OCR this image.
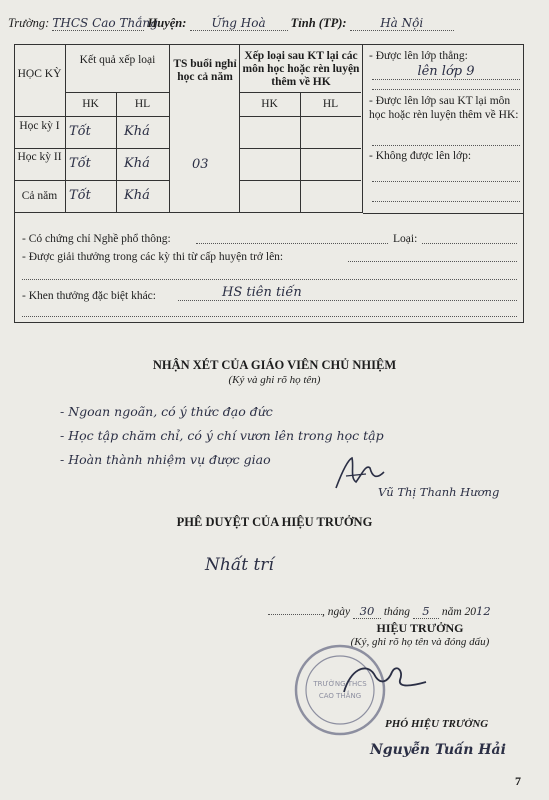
Trường: THCS Cao Thắng Huyện: Ứng Hoà Tỉnh (TP):	Hà Nội
HỌC KỲ
Kết quả xếp loại	TS buổi nghỉ học cả năm
Xếp loại sau KT lại các môn học hoặc rèn luyện thêm về HK
HK	HL	HK	HL
Học kỳ I Tốt	Khá
Học kỳ II Tốt	Khá
Cả năm Tốt	Khá
03
- Được lên lớp thẳng:
lên lớp 9
- Được lên lớp sau KT lại môn học hoặc rèn luyện thêm về HK:
- Không được lên lớp:
- Có chứng chỉ Nghề phổ thông:	Loại:
- Được giải thưởng trong các kỳ thi từ cấp huyện trở lên:
- Khen thưởng đặc biệt khác:	HS tiên tiến
NHẬN XÉT CỦA GIÁO VIÊN CHỦ NHIỆM
(Ký và ghi rõ họ tên)
- Ngoan ngoãn, có ý thức đạo đức
- Học tập chăm chỉ, có ý chí vươn lên trong học tập
- Hoàn thành nhiệm vụ được giao
Vũ Thị Thanh Hương
PHÊ DUYỆT CỦA HIỆU TRƯỞNG
Nhất trí
, ngày 30 tháng 5 năm 2012
HIỆU TRƯỞNG
(Ký, ghi rõ họ tên và đóng dấu)
TRƯỜNG THCS
CAO THẮNG
PHÓ HIỆU TRƯỞNG
Nguyễn Tuấn Hải
7
